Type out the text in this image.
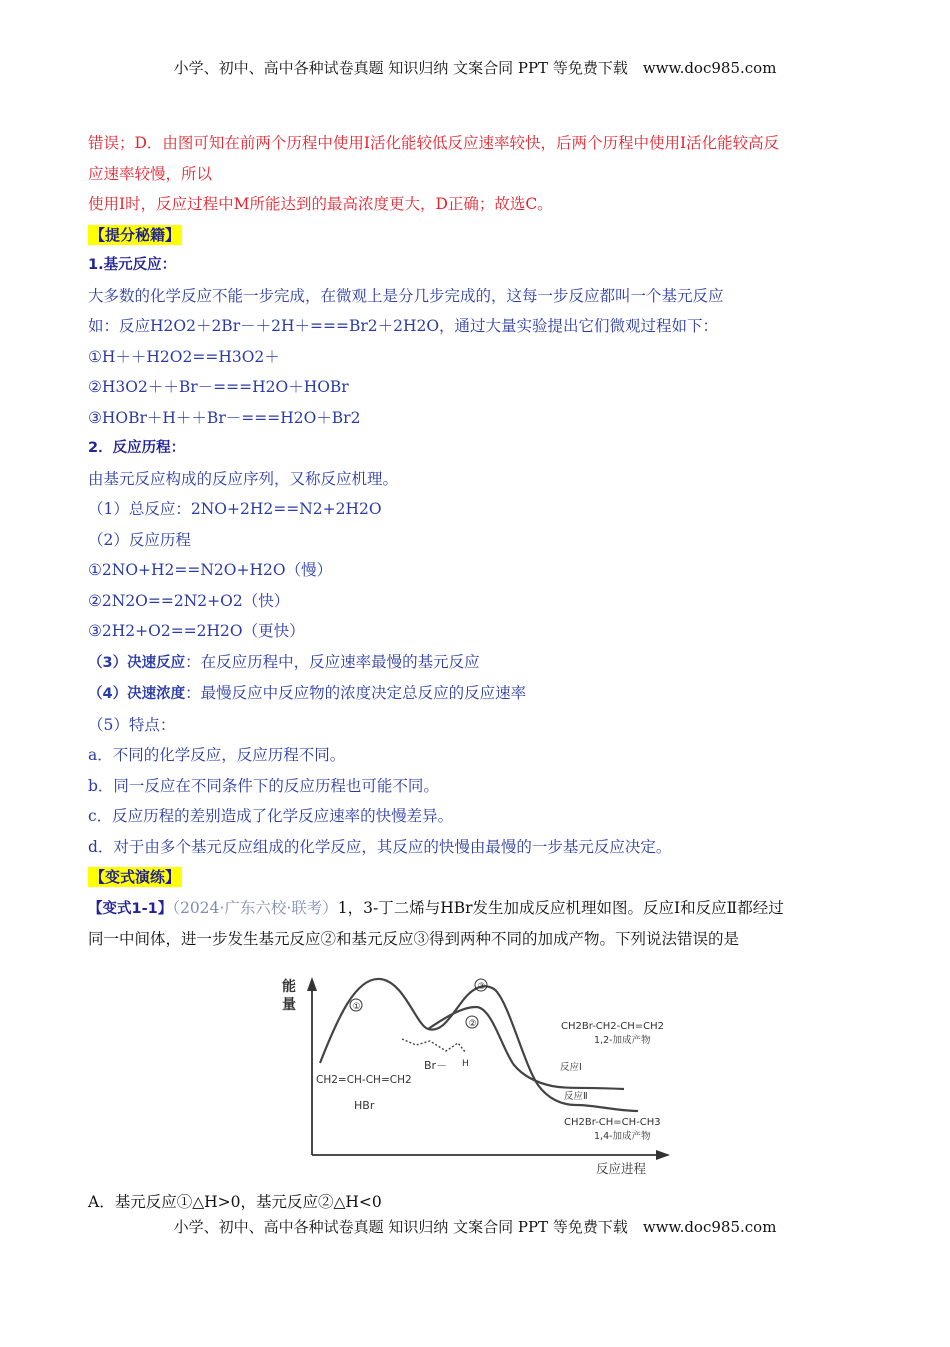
小学、初中、高中各种试卷真题 知识归纳 文案合同 PPT 等免费下载　www.doc985.com
错误；D．由图可知在前两个历程中使用Ⅰ活化能较低反应速率较快，后两个历程中使用Ⅰ活化能较高反
应速率较慢，所以
使用Ⅰ时，反应过程中M所能达到的最高浓度更大，D正确；故选C。
【提分秘籍】
1.基元反应：
大多数的化学反应不能一步完成，在微观上是分几步完成的，这每一步反应都叫一个基元反应
如：反应H2O2＋2Br－＋2H＋===Br2＋2H2O，通过大量实验提出它们微观过程如下：
①H＋＋H2O2==H3O2＋
②H3O2＋＋Br－===H2O＋HOBr
③HOBr＋H＋＋Br－===H2O＋Br2
2．反应历程：
由基元反应构成的反应序列，又称反应机理。
（1）总反应：2NO+2H2==N2+2H2O
（2）反应历程
①2NO+H2==N2O+H2O（慢）
②2N2O==2N2+O2（快）
③2H2+O2==2H2O（更快）
（3）决速反应：在反应历程中，反应速率最慢的基元反应
（4）决速浓度：最慢反应中反应物的浓度决定总反应的反应速率
（5）特点：
a．不同的化学反应，反应历程不同。
b．同一反应在不同条件下的反应历程也可能不同。
c．反应历程的差别造成了化学反应速率的快慢差异。
d．对于由多个基元反应组成的化学反应，其反应的快慢由最慢的一步基元反应决定。
【变式演练】
【变式1-1】（2024·广东六校·联考）1，3-丁二烯与HBr发生加成反应机理如图。反应Ⅰ和反应Ⅱ都经过
同一中间体，进一步发生基元反应②和基元反应③得到两种不同的加成产物。下列说法错误的是
能
量
反应进程
①
③
②
H
Br－
CH2=CH-CH=CH2
HBr
CH2Br-CH2-CH=CH2
1,2-加成产物
反应Ⅰ
反应Ⅱ
CH2Br-CH=CH-CH3
1,4-加成产物
A．基元反应①△H>0，基元反应②△H<0
小学、初中、高中各种试卷真题 知识归纳 文案合同 PPT 等免费下载　www.doc985.com
